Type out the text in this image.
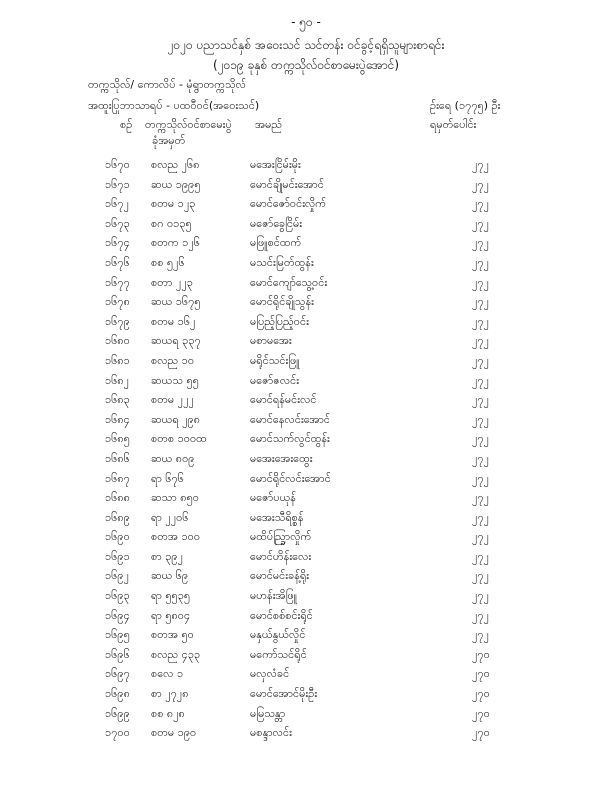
- ၅၀ -
၂၀၂၀ ပညာသင်နှစ် အဝေးသင် သင်တန်း ဝင်ခွင့်ရရှိသူများစာရင်း
(၂၀၁၉ ခုနှစ် တက္ကသိုလ်ဝင်စာမေးပွဲအောင်)
တက္ကသိုလ်/ ကောလိပ် - မုံရွာတက္ကသိုလ်
အထူးပြုဘာသာရပ် - ပထဝီဝင်(အဝေးသင်)	ဥ်းရေ (၁၇၇၅) ဦး
စဉ် တက္ကသိုလ်ဝင်စာမေးပွဲ
ခုံအမှတ်
အမည်	ရမှတ်ပေါင်း
၁၆၇၀ စလည ၂၆၈	မအေးငြိမ်းမိုး	၂၇၂
၁၆၇၁ ဆယ ၁၉၉၅	မောင်ချိုမင်းအောင်	၂၇၂
၁၆၇၂ စတမ ၁၂၃	မောင်ဇော်ဝင်းလှိုက်	၂၇၂
၁၆၇၃ စဂ ၀၁၃၅	မဇော်ခွေငြိမ်း	၂၇၂
၁၆၇၄ စတက ၁၂၆	မဖြူစင်ထက်	၂၇၂
၁၆၇၆ စစ ၅၂၆	မသင်းမြတ်ထွန်း	၂၇၂
၁၆၇၇ စတာ ၂၂၃	မောင်ကျော်သွေ့ဝင်း	၂၇၂
၁၆၇၈ ဆယ ၁၆၇၅	မောင်ရိုင်ချိုသွန်း	၂၇၂
၁၆၇၉ စတမ ၁၆၂	မပြည့်ပြည့်ဝင်း	၂၇၂
၁၆၈၀ ဆယရ ၃၃၇	မစာမအေး	၂၇၂
၁၆၈၁ စလည ၁၀	မရိုင်သင်းဖြူ	၂၇၂
၁၆၈၂ ဆယသ ၅၅	မဇော်ဇလင်း	၂၇၂
၁၆၈၃ စတမ ၂၂၂	မောင်ရန်မင်းလင်	၂၇၂
၁၆၈၄ ဆယရ ၂၉၈	မောင်နေလင်းအောင်	၂၇၂
၁၆၈၅ စတစ ၁၀၀ထ	မောင်သက်လွင်ထွန်း	၂၇၂
၁၆၈၆ ဆယ ၈၀၉	မအေးအေးထွေး	၂၇၂
၁၆၈၇ ရာ ၆၇၆	မောင်ရိုင်လင်းအောင်	၂၇၂
၁၆၈၈ ဆသာ ၈၅၀	မဇော်ပယုန်	၂၇၂
၁၆၈၉ ရာ ၂၂၀၆	မအေးသီရိစ္စန်	၂၇၂
၁၆၉၀ စတအ ၁၀၀	မထိပ်ည္ခြာလှိုက်	၂၇၂
၁၆၉၁ စာ ၃၉၂	မောင်ဟိန်းလေး	၂၇၂
၁၆၉၂ ဆယ ၆၉	မောင်မင်းခန့်ရိုး	၂၇၂
၁၆၉၃ ရာ ၅၅၃၅	မဟန်းအိဖြူ	၂၇၂
၁၆၉၄ ရာ ၅၈၀၄	မောင်စစ်စင်းရိုင်	၂၇၂
၁၆၉၅ စတအ ၅၀	မနှယ်နွယ်လှိုင်	၂၇၂
၁၆၉၆ စလည ၄၃၃	မကော်သင်ရိုင်	၂၇၀
၁၆၉၇ စလေ ၁	မလှလံခင်	၂၇၀
၁၆၉၈ စာ ၂၇၂၈	မောင်အောင်မိုးဦး	၂၇၀
၁၆၉၉ စစ ၈၂၈	မမြသန္တာ	၂၇၀
၁၇၀၀ စတမ ၁၉၀	မစန္ဒာလင်း	၂၇၀
